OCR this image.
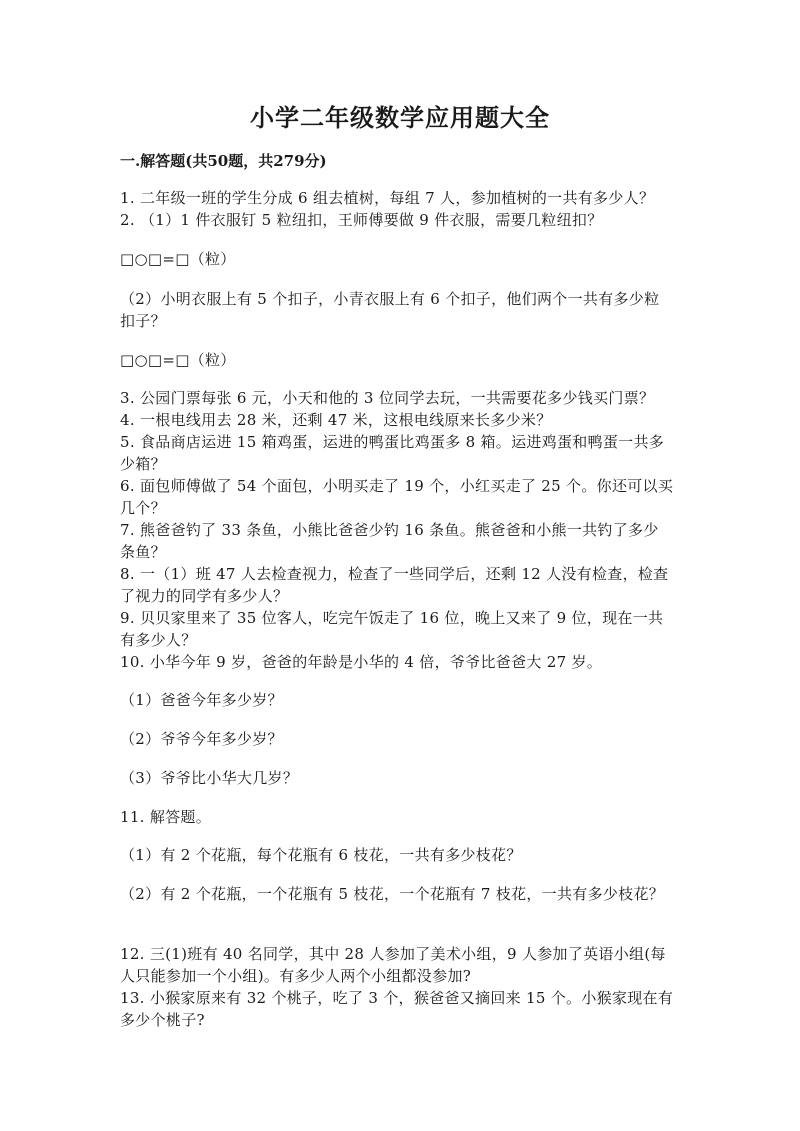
小学二年级数学应用题大全
一.解答题(共50题，共279分)
1. 二年级一班的学生分成 6 组去植树，每组 7 人，参加植树的一共有多少人？
2. （1）1 件衣服钉 5 粒纽扣，王师傅要做 9 件衣服，需要几粒纽扣？
□○□=□（粒）
（2）小明衣服上有 5 个扣子，小青衣服上有 6 个扣子，他们两个一共有多少粒
扣子？
□○□=□（粒）
3. 公园门票每张 6 元，小天和他的 3 位同学去玩，一共需要花多少钱买门票？
4. 一根电线用去 28 米，还剩 47 米，这根电线原来长多少米？
5. 食品商店运进 15 箱鸡蛋，运进的鸭蛋比鸡蛋多 8 箱。运进鸡蛋和鸭蛋一共多
少箱？
6. 面包师傅做了 54 个面包，小明买走了 19 个，小红买走了 25 个。你还可以买
几个？
7. 熊爸爸钓了 33 条鱼，小熊比爸爸少钓 16 条鱼。熊爸爸和小熊一共钓了多少
条鱼？
8. 一（1）班 47 人去检查视力，检查了一些同学后，还剩 12 人没有检查，检查
了视力的同学有多少人？
9. 贝贝家里来了 35 位客人，吃完午饭走了 16 位，晚上又来了 9 位，现在一共
有多少人？
10. 小华今年 9 岁，爸爸的年龄是小华的 4 倍，爷爷比爸爸大 27 岁。
（1）爸爸今年多少岁？
（2）爷爷今年多少岁？
（3）爷爷比小华大几岁？
11. 解答题。
（1）有 2 个花瓶，每个花瓶有 6 枝花，一共有多少枝花？
（2）有 2 个花瓶，一个花瓶有 5 枝花，一个花瓶有 7 枝花，一共有多少枝花？
12. 三(1)班有 40 名同学，其中 28 人参加了美术小组，9 人参加了英语小组(每
人只能参加一个小组)。有多少人两个小组都没参加?
13. 小猴家原来有 32 个桃子，吃了 3 个，猴爸爸又摘回来 15 个。小猴家现在有
多少个桃子?
